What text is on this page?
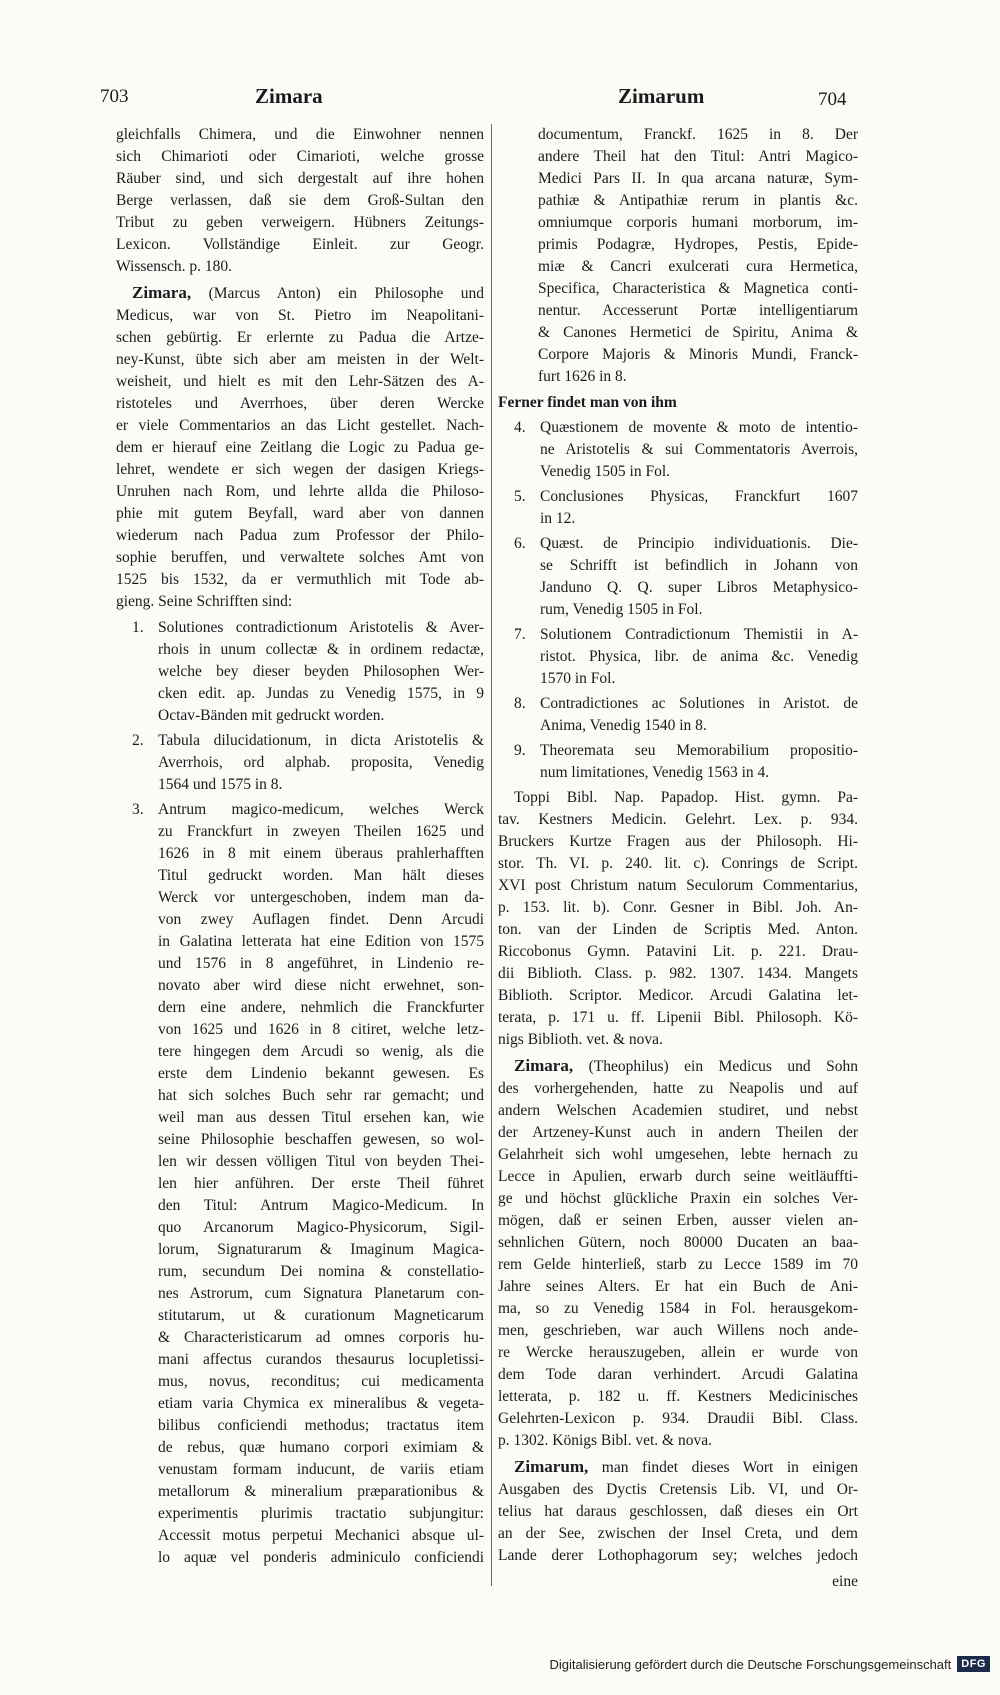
703	Zimara	Zimarum	704
gleichfalls Chimera, und die Einwohner nennen
sich Chimarioti oder Cimarioti, welche grosse
Räuber sind, und sich dergestalt auf ihre hohen
Berge verlassen, daß sie dem Groß-Sultan den
Tribut zu geben verweigern. Hübners Zeitungs-
Lexicon. Vollständige Einleit. zur Geogr.
Wissensch. p. 180.
Zimara, (Marcus Anton) ein Philosophe und
Medicus, war von St. Pietro im Neapolitani-
schen gebürtig. Er erlernte zu Padua die Artze-
ney-Kunst, übte sich aber am meisten in der Welt-
weisheit, und hielt es mit den Lehr-Sätzen des A-
ristoteles und Averrhoes, über deren Wercke
er viele Commentarios an das Licht gestellet. Nach-
dem er hierauf eine Zeitlang die Logic zu Padua ge-
lehret, wendete er sich wegen der dasigen Kriegs-
Unruhen nach Rom, und lehrte allda die Philoso-
phie mit gutem Beyfall, ward aber von dannen
wiederum nach Padua zum Professor der Philo-
sophie beruffen, und verwaltete solches Amt von
1525 bis 1532, da er vermuthlich mit Tode ab-
gieng. Seine Schrifften sind:
1. Solutiones contradictionum Aristotelis & Aver-
rhois in unum collectæ & in ordinem redactæ,
welche bey dieser beyden Philosophen Wer-
cken edit. ap. Jundas zu Venedig 1575, in 9
Octav-Bänden mit gedruckt worden.
2. Tabula dilucidationum, in dicta Aristotelis &
Averrhois, ord alphab. proposita, Venedig
1564 und 1575 in 8.
3. Antrum magico-medicum, welches Werck
zu Franckfurt in zweyen Theilen 1625 und
1626 in 8 mit einem überaus prahlerhafften
Titul gedruckt worden. Man hält dieses
Werck vor untergeschoben, indem man da-
von zwey Auflagen findet. Denn Arcudi
in Galatina letterata hat eine Edition von 1575
und 1576 in 8 angeführet, in Lindenio re-
novato aber wird diese nicht erwehnet, son-
dern eine andere, nehmlich die Franckfurter
von 1625 und 1626 in 8 citiret, welche letz-
tere hingegen dem Arcudi so wenig, als die
erste dem Lindenio bekannt gewesen. Es
hat sich solches Buch sehr rar gemacht; und
weil man aus dessen Titul ersehen kan, wie
seine Philosophie beschaffen gewesen, so wol-
len wir dessen völligen Titul von beyden Thei-
len hier anführen. Der erste Theil führet
den Titul: Antrum Magico-Medicum. In
quo Arcanorum Magico-Physicorum, Sigil-
lorum, Signaturarum & Imaginum Magica-
rum, secundum Dei nomina & constellatio-
nes Astrorum, cum Signatura Planetarum con-
stitutarum, ut & curationum Magneticarum
& Characteristicarum ad omnes corporis hu-
mani affectus curandos thesaurus locupletissi-
mus, novus, reconditus; cui medicamenta
etiam varia Chymica ex mineralibus & vegeta-
bilibus conficiendi methodus; tractatus item
de rebus, quæ humano corpori eximiam &
venustam formam inducunt, de variis etiam
metallorum & mineralium præparationibus &
experimentis plurimis tractatio subjungitur:
Accessit motus perpetui Mechanici absque ul-
lo aquæ vel ponderis adminiculo conficiendi
documentum, Franckf. 1625 in 8. Der
andere Theil hat den Titul: Antri Magico-
Medici Pars II. In qua arcana naturæ, Sym-
pathiæ & Antipathiæ rerum in plantis &c.
omniumque corporis humani morborum, im-
primis Podagræ, Hydropes, Pestis, Epide-
miæ & Cancri exulcerati cura Hermetica,
Specifica, Characteristica & Magnetica conti-
nentur. Accesserunt Portæ intelligentiarum
& Canones Hermetici de Spiritu, Anima &
Corpore Majoris & Minoris Mundi, Franck-
furt 1626 in 8.
Ferner findet man von ihm
4. Quæstionem de movente & moto de intentio-
ne Aristotelis & sui Commentatoris Averrois,
Venedig 1505 in Fol.
5. Conclusiones Physicas, Franckfurt 1607
in 12.
6. Quæst. de Principio individuationis. Die-
se Schrifft ist befindlich in Johann von
Janduno Q. Q. super Libros Metaphysico-
rum, Venedig 1505 in Fol.
7. Solutionem Contradictionum Themistii in A-
ristot. Physica, libr. de anima &c. Venedig
1570 in Fol.
8. Contradictiones ac Solutiones in Aristot. de
Anima, Venedig 1540 in 8.
9. Theoremata seu Memorabilium propositio-
num limitationes, Venedig 1563 in 4.
Toppi Bibl. Nap. Papadop. Hist. gymn. Pa-
tav. Kestners Medicin. Gelehrt. Lex. p. 934.
Bruckers Kurtze Fragen aus der Philosoph. Hi-
stor. Th. VI. p. 240. lit. c). Conrings de Script.
XVI post Christum natum Seculorum Commentarius,
p. 153. lit. b). Conr. Gesner in Bibl. Joh. An-
ton. van der Linden de Scriptis Med. Anton.
Riccobonus Gymn. Patavini Lit. p. 221. Drau-
dii Biblioth. Class. p. 982. 1307. 1434. Mangets
Biblioth. Scriptor. Medicor. Arcudi Galatina let-
terata, p. 171 u. ff. Lipenii Bibl. Philosoph. Kö-
nigs Biblioth. vet. & nova.
Zimara, (Theophilus) ein Medicus und Sohn
des vorhergehenden, hatte zu Neapolis und auf
andern Welschen Academien studiret, und nebst
der Artzeney-Kunst auch in andern Theilen der
Gelahrheit sich wohl umgesehen, lebte hernach zu
Lecce in Apulien, erwarb durch seine weitläuffti-
ge und höchst glückliche Praxin ein solches Ver-
mögen, daß er seinen Erben, ausser vielen an-
sehnlichen Gütern, noch 80000 Ducaten an baa-
rem Gelde hinterließ, starb zu Lecce 1589 im 70
Jahre seines Alters. Er hat ein Buch de Ani-
ma, so zu Venedig 1584 in Fol. herausgekom-
men, geschrieben, war auch Willens noch ande-
re Wercke herauszugeben, allein er wurde von
dem Tode daran verhindert. Arcudi Galatina
letterata, p. 182 u. ff. Kestners Medicinisches
Gelehrten-Lexicon p. 934. Draudii Bibl. Class.
p. 1302. Königs Bibl. vet. & nova.
Zimarum, man findet dieses Wort in einigen
Ausgaben des Dyctis Cretensis Lib. VI, und Or-
telius hat daraus geschlossen, daß dieses ein Ort
an der See, zwischen der Insel Creta, und dem
Lande derer Lothophagorum sey; welches jedoch
eine
Digitalisierung gefördert durch die Deutsche Forschungsgemeinschaft DFG
